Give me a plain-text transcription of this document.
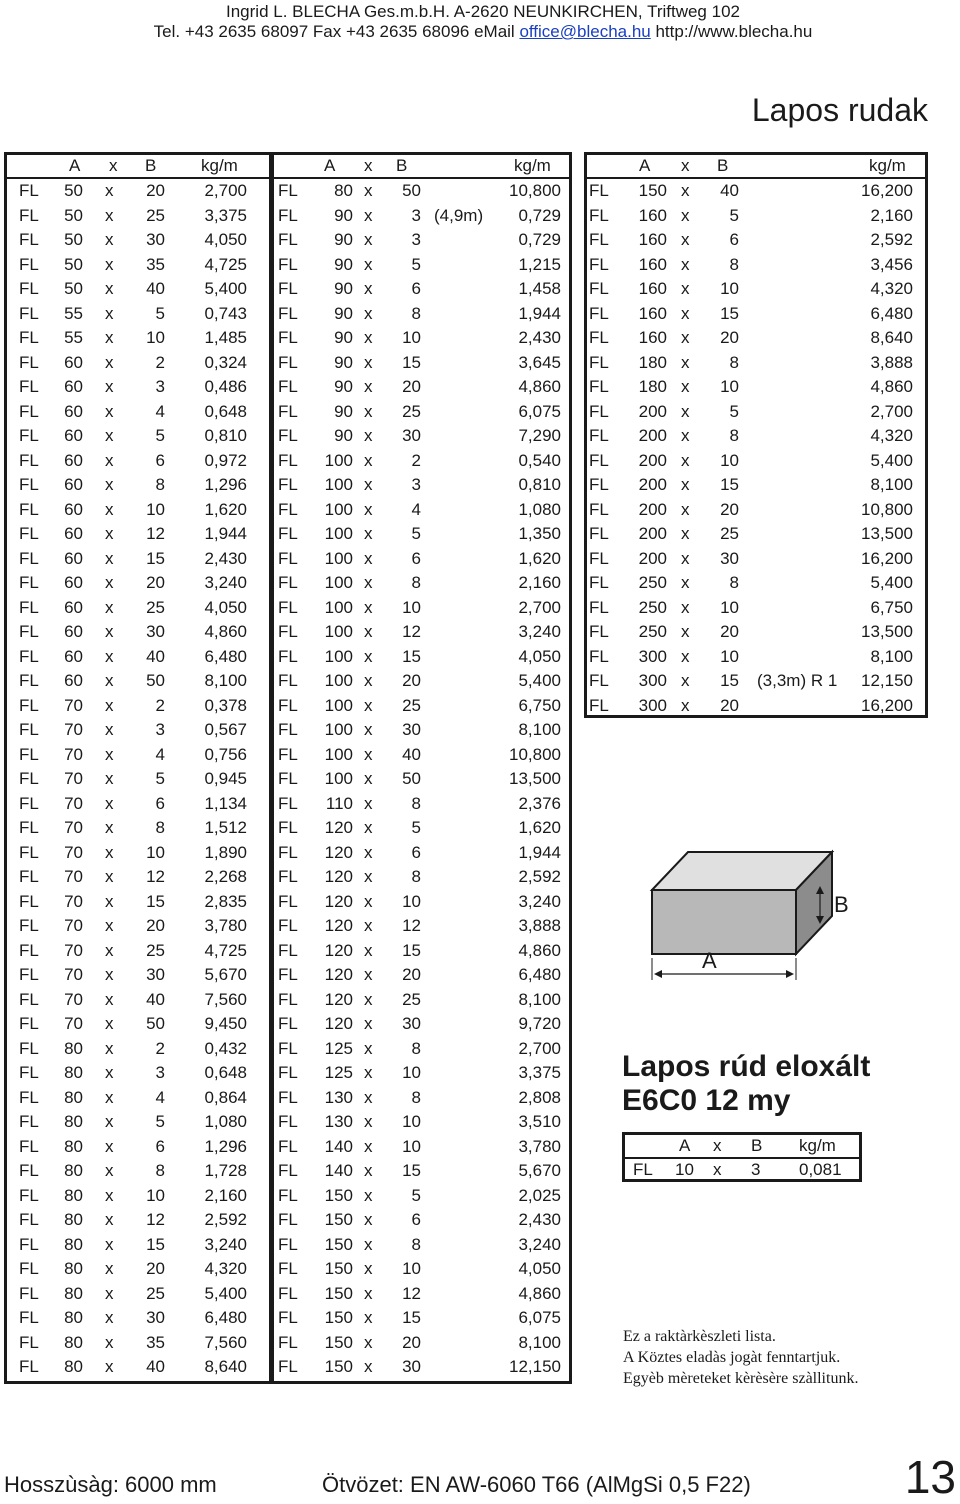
Ingrid L. BLECHA Ges.m.b.H. A-2620 NEUNKIRCHEN, Triftweg 102
Tel. +43 2635 68097 Fax +43 2635 68096 eMail office@blecha.hu http://www.blecha.hu
Lapos rudak
A x B	kg/m
FL 50 x 20 2,700
FL 50 x 25 3,375
FL 50 x 30 4,050
FL 50 x 35 4,725
FL 50 x 40 5,400
FL 55 x 5 0,743
FL 55 x 10 1,485
FL 60 x 2 0,324
FL 60 x 3 0,486
FL 60 x 4 0,648
FL 60 x 5 0,810
FL 60 x 6 0,972
FL 60 x 8 1,296
FL 60 x 10 1,620
FL 60 x 12 1,944
FL 60 x 15 2,430
FL 60 x 20 3,240
FL 60 x 25 4,050
FL 60 x 30 4,860
FL 60 x 40 6,480
FL 60 x 50 8,100
FL 70 x 2 0,378
FL 70 x 3 0,567
FL 70 x 4 0,756
FL 70 x 5 0,945
FL 70 x 6 1,134
FL 70 x 8 1,512
FL 70 x 10 1,890
FL 70 x 12 2,268
FL 70 x 15 2,835
FL 70 x 20 3,780
FL 70 x 25 4,725
FL 70 x 30 5,670
FL 70 x 40 7,560
FL 70 x 50 9,450
FL 80 x 2 0,432
FL 80 x 3 0,648
FL 80 x 4 0,864
FL 80 x 5 1,080
FL 80 x 6 1,296
FL 80 x 8 1,728
FL 80 x 10 2,160
FL 80 x 12 2,592
FL 80 x 15 3,240
FL 80 x 20 4,320
FL 80 x 25 5,400
FL 80 x 30 6,480
FL 80 x 35 7,560
FL 80 x 40 8,640
A x B	kg/m
FL 80 x 50	10,800
FL 90 x 3 (4,9m) 0,729
FL 90 x 3	0,729
FL 90 x 5	1,215
FL 90 x 6	1,458
FL 90 x 8	1,944
FL 90 x 10	2,430
FL 90 x 15	3,645
FL 90 x 20	4,860
FL 90 x 25	6,075
FL 90 x 30	7,290
FL 100 x 2	0,540
FL 100 x 3	0,810
FL 100 x 4	1,080
FL 100 x 5	1,350
FL 100 x 6	1,620
FL 100 x 8	2,160
FL 100 x 10	2,700
FL 100 x 12	3,240
FL 100 x 15	4,050
FL 100 x 20	5,400
FL 100 x 25	6,750
FL 100 x 30	8,100
FL 100 x 40	10,800
FL 100 x 50	13,500
FL 110 x 8	2,376
FL 120 x 5	1,620
FL 120 x 6	1,944
FL 120 x 8	2,592
FL 120 x 10	3,240
FL 120 x 12	3,888
FL 120 x 15	4,860
FL 120 x 20	6,480
FL 120 x 25	8,100
FL 120 x 30	9,720
FL 125 x 8	2,700
FL 125 x 10	3,375
FL 130 x 8	2,808
FL 130 x 10	3,510
FL 140 x 10	3,780
FL 140 x 15	5,670
FL 150 x 5	2,025
FL 150 x 6	2,430
FL 150 x 8	3,240
FL 150 x 10	4,050
FL 150 x 12	4,860
FL 150 x 15	6,075
FL 150 x 20	8,100
FL 150 x 30	12,150
A x B	kg/m
FL 150 x 40	16,200
FL 160 x 5	2,160
FL 160 x 6	2,592
FL 160 x 8	3,456
FL 160 x 10	4,320
FL 160 x 15	6,480
FL 160 x 20	8,640
FL 180 x 8	3,888
FL 180 x 10	4,860
FL 200 x 5	2,700
FL 200 x 8	4,320
FL 200 x 10	5,400
FL 200 x 15	8,100
FL 200 x 20	10,800
FL 200 x 25	13,500
FL 200 x 30	16,200
FL 250 x 8	5,400
FL 250 x 10	6,750
FL 250 x 20	13,500
FL 300 x 10	8,100
FL 300 x 15 (3,3m) R 1 12,150
FL 300 x 20	16,200
A
B
Lapos rúd eloxált
E6C0 12 my
A x B kg/m
FL 10 x 3 0,081
Ez a raktàrkèszleti lista.
A Köztes eladàs jogàt fenntartjuk.
Egyèb mèreteket kèrèsère szàllitunk.
Hosszùsàg: 6000 mm	Ötvözet: EN AW-6060 T66 (AlMgSi 0,5 F22)	13
